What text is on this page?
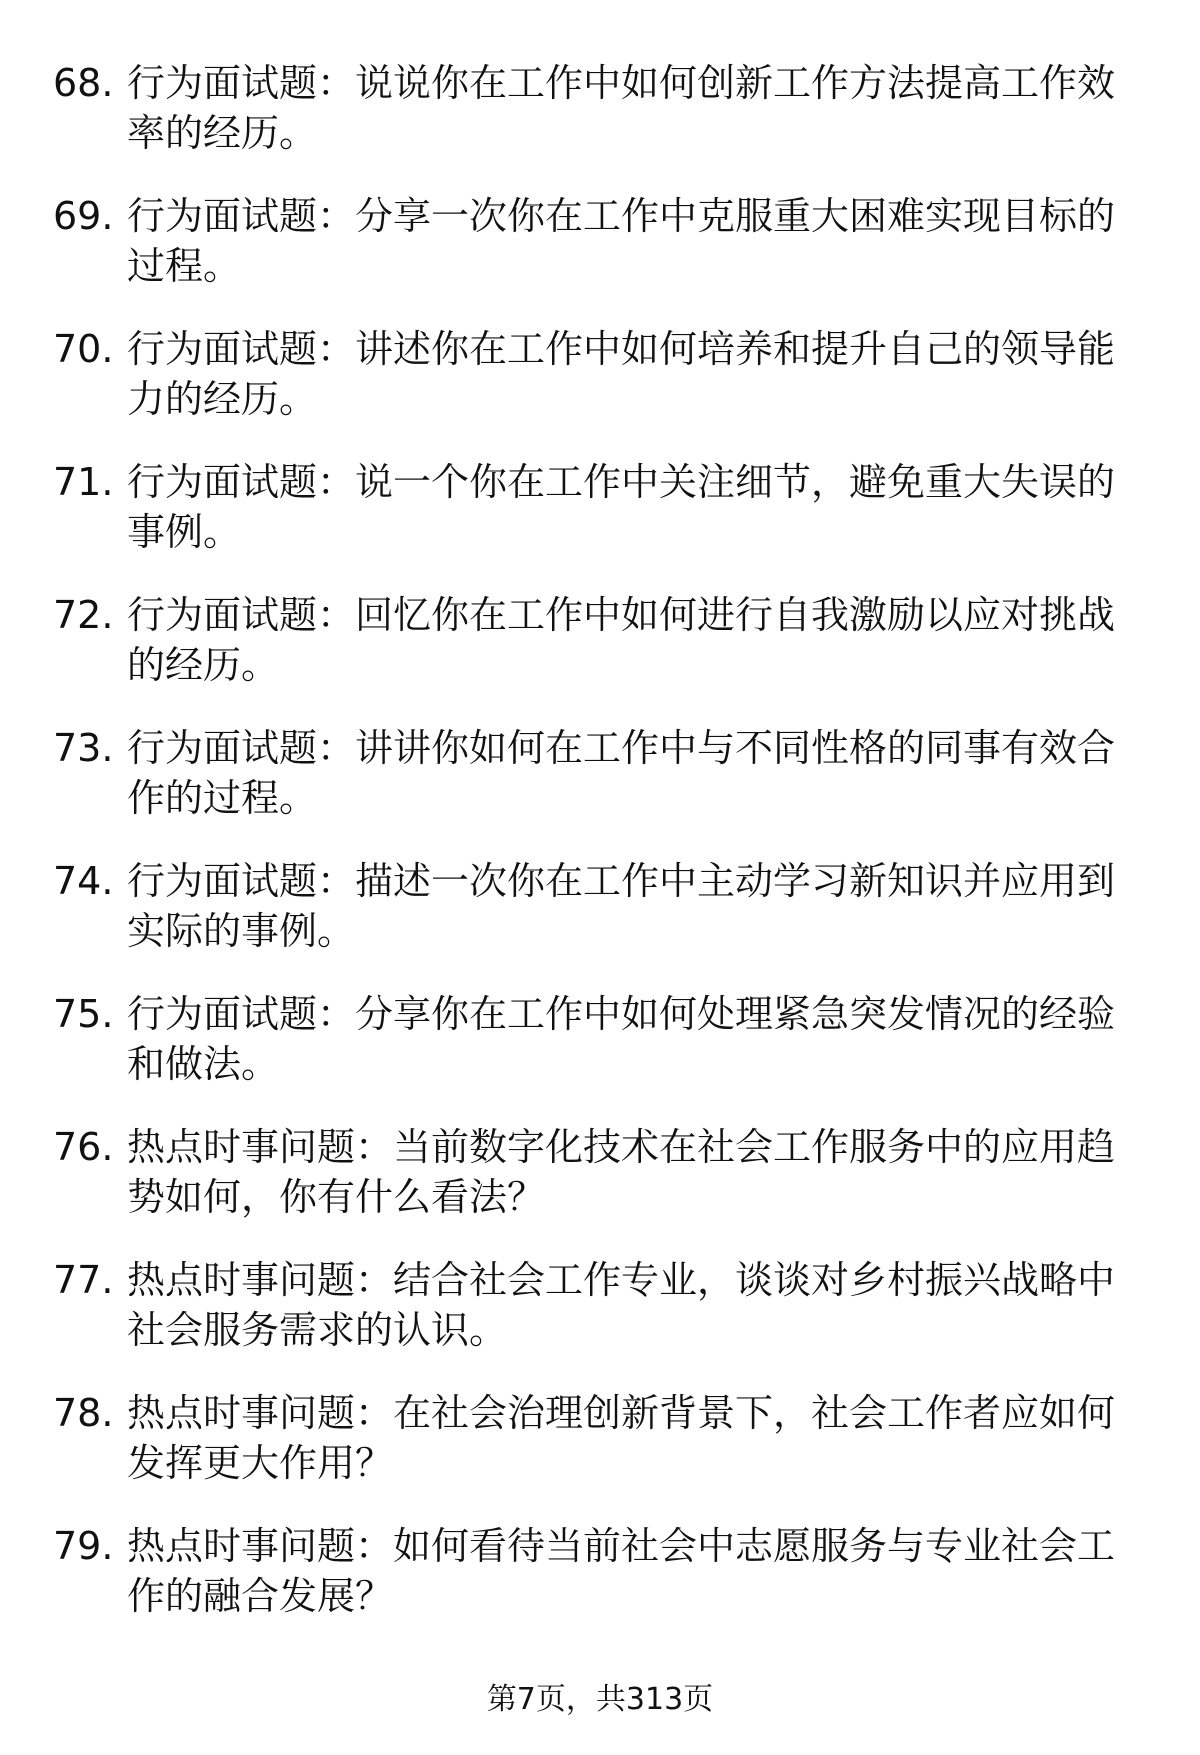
68. 行为面试题：说说你在工作中如何创新工作方法提高工作效率的经历。
69. 行为面试题：分享一次你在工作中克服重大困难实现目标的过程。
70. 行为面试题：讲述你在工作中如何培养和提升自己的领导能力的经历。
71. 行为面试题：说一个你在工作中关注细节，避免重大失误的事例。
72. 行为面试题：回忆你在工作中如何进行自我激励以应对挑战的经历。
73. 行为面试题：讲讲你如何在工作中与不同性格的同事有效合作的过程。
74. 行为面试题：描述一次你在工作中主动学习新知识并应用到实际的事例。
75. 行为面试题：分享你在工作中如何处理紧急突发情况的经验和做法。
76. 热点时事问题：当前数字化技术在社会工作服务中的应用趋势如何，你有什么看法？
77. 热点时事问题：结合社会工作专业，谈谈对乡村振兴战略中社会服务需求的认识。
78. 热点时事问题：在社会治理创新背景下，社会工作者应如何发挥更大作用？
79. 热点时事问题：如何看待当前社会中志愿服务与专业社会工作的融合发展？
第7页，共313页
